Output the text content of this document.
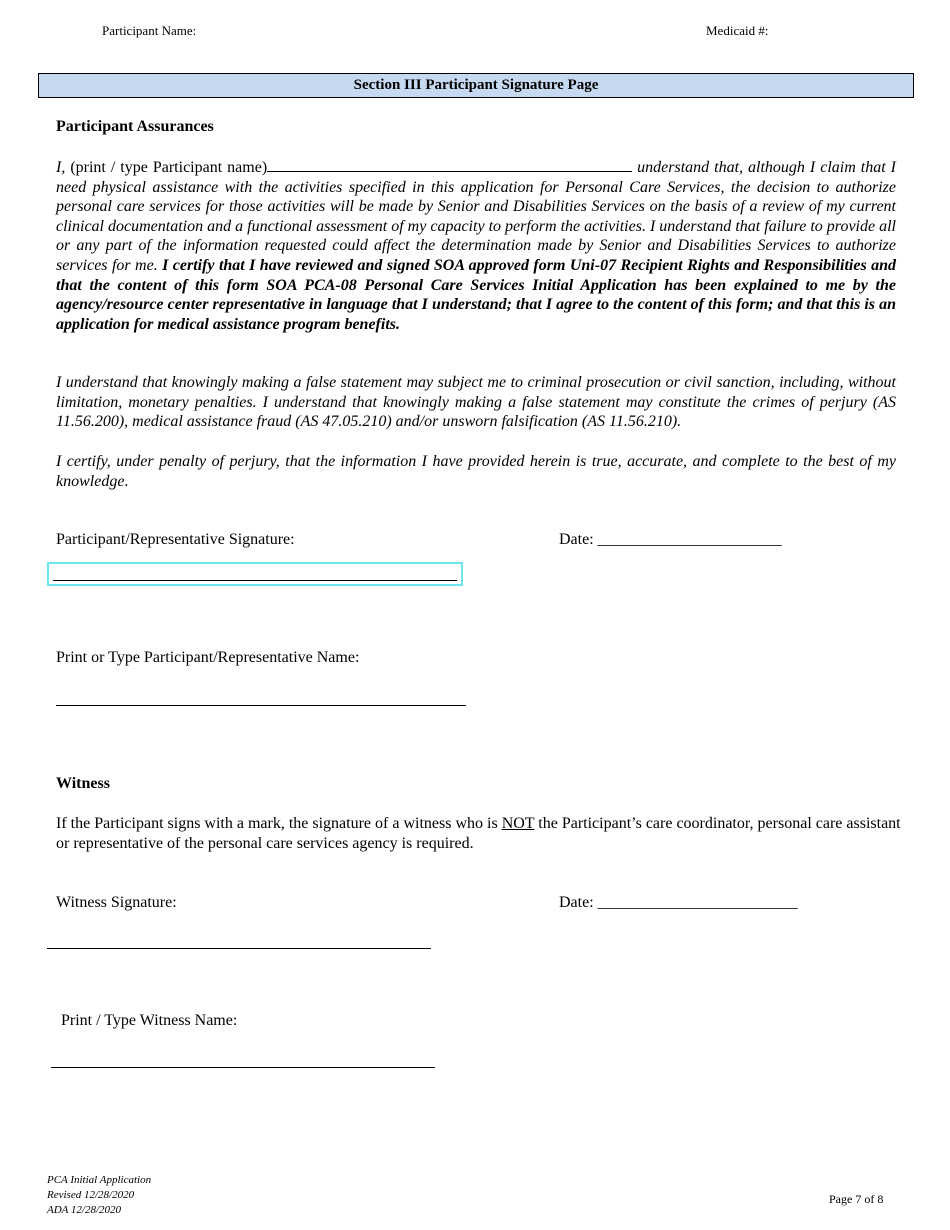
Participant Name:	Medicaid #:
Section III Participant Signature Page
Participant Assurances
I, (print / type Participant name)	understand that, although I claim that I need physical assistance with the activities specified in this application for Personal Care Services, the decision to authorize personal care services for those activities will be made by Senior and Disabilities Services on the basis of a review of my current clinical documentation and a functional assessment of my capacity to perform the activities. I understand that failure to provide all or any part of the information requested could affect the determination made by Senior and Disabilities Services to authorize services for me. I certify that I have reviewed and signed SOA approved form Uni-07 Recipient Rights and Responsibilities and that the content of this form SOA PCA-08 Personal Care Services Initial Application has been explained to me by the agency/resource center representative in language that I understand; that I agree to the content of this form; and that this is an application for medical assistance program benefits.
I understand that knowingly making a false statement may subject me to criminal prosecution or civil sanction, including, without limitation, monetary penalties. I understand that knowingly making a false statement may constitute the crimes of perjury (AS 11.56.200), medical assistance fraud (AS 47.05.210) and/or unsworn falsification (AS 11.56.210).
I certify, under penalty of perjury, that the information I have provided herein is true, accurate, and complete to the best of my knowledge.
Participant/Representative Signature:	Date: _______________________
Print or Type Participant/Representative Name:
Witness
If the Participant signs with a mark, the signature of a witness who is NOT the Participant’s care coordinator, personal care assistant or representative of the personal care services agency is required.
Witness Signature:	Date: _________________________
Print / Type Witness Name:
PCA Initial Application
Revised 12/28/2020
ADA 12/28/2020
Page 7 of 8
